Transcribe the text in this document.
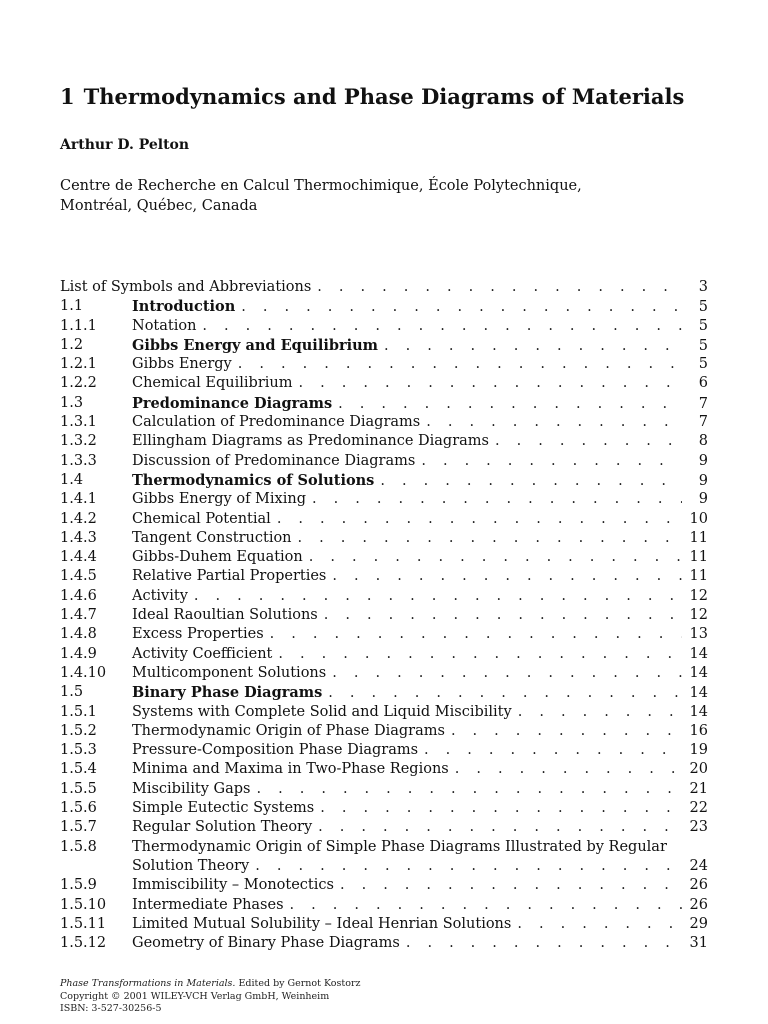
1 Thermodynamics and Phase Diagrams of Materials
Arthur D. Pelton
Centre de Recherche en Calcul Thermochimique, École Polytechnique,
Montréal, Québec, Canada
List of Symbols and Abbreviations . . .	3
1.1	Introduction . . .	5
1.1.1 Notation . . .	5
1.2	Gibbs Energy and Equilibrium . . .	5
1.2.1 Gibbs Energy . . .	5
1.2.2 Chemical Equilibrium . . .	6
1.3	Predominance Diagrams . . .	7
1.3.1 Calculation of Predominance Diagrams . . .	7
1.3.2 Ellingham Diagrams as Predominance Diagrams . . .	8
1.3.3 Discussion of Predominance Diagrams . . .	9
1.4	Thermodynamics of Solutions . . .	9
1.4.1 Gibbs Energy of Mixing . . .	9
1.4.2 Chemical Potential . . .	10
1.4.3 Tangent Construction . . .	11
1.4.4 Gibbs-Duhem Equation . . .	11
1.4.5 Relative Partial Properties . . .	11
1.4.6 Activity . . .	12
1.4.7 Ideal Raoultian Solutions . . .	12
1.4.8 Excess Properties . . .	13
1.4.9 Activity Coefficient . . .	14
1.4.10 Multicomponent Solutions . . .	14
1.5	Binary Phase Diagrams . . .	14
1.5.1 Systems with Complete Solid and Liquid Miscibility . . .	14
1.5.2 Thermodynamic Origin of Phase Diagrams . . .	16
1.5.3 Pressure-Composition Phase Diagrams . . .	19
1.5.4 Minima and Maxima in Two-Phase Regions . . .	20
1.5.5 Miscibility Gaps . . .	21
1.5.6 Simple Eutectic Systems . . .	22
1.5.7 Regular Solution Theory . . .	23
1.5.8 Thermodynamic Origin of Simple Phase Diagrams Illustrated by Regular
Solution Theory . . .	24
1.5.9 Immiscibility – Monotectics . . .	26
1.5.10 Intermediate Phases . . .	26
1.5.11 Limited Mutual Solubility – Ideal Henrian Solutions . . .	29
1.5.12 Geometry of Binary Phase Diagrams . . .	31
Phase Transformations in Materials. Edited by Gernot Kostorz
Copyright © 2001 WILEY-VCH Verlag GmbH, Weinheim
ISBN: 3-527-30256-5
